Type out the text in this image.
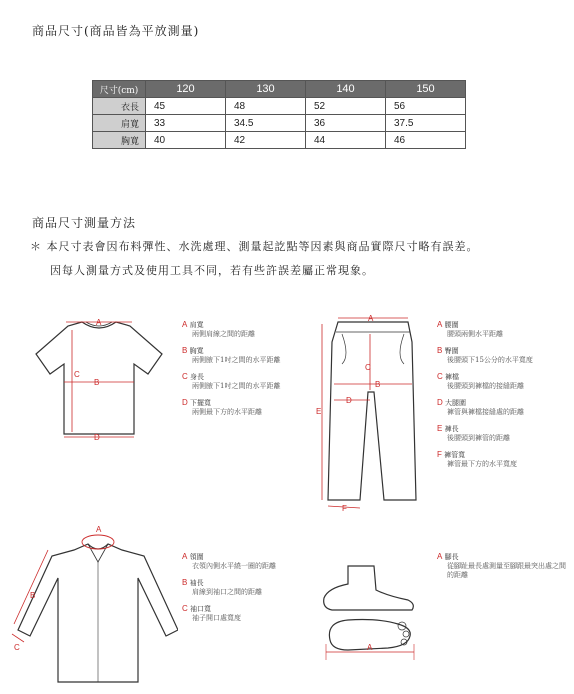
商品尺寸(商品皆為平放測量)
尺寸(cm)	120	130	140	150
衣長	45	48	52	56
肩寬	33	34.5	36	37.5
胸寬	40	42	44	46
商品尺寸測量方法
＊ 本尺寸表會因布料彈性、水洗處理、測量起訖點等因素與商品實際尺寸略有誤差。
因每人測量方式及使用工具不同，若有些許誤差屬正常現象。
A
B
C
D
A 肩寬
兩側肩線之間的距離
B 胸寬
兩側腋下1吋之間的水平距離
C 身長
兩側腋下1吋之間的水平距離
D 下擺寬
兩側最下方的水平距離
A
B
C
D
E
F
A 腰圍
腰頭兩側水平距離
B 臀圍
後腰頭下15公分的水平寬度
C 褲檔
後腰頭到褲檔的接縫距離
D 大腿圍
褲管與褲檔接縫處的距離
E 褲長
後腰頭到褲管的距離
F 褲管寬
褲管最下方的水平寬度
A
B
C
A 領圍
衣領內側水平繞一圈的距離
B 袖長
肩線到袖口之間的距離
C 袖口寬
袖子開口處寬度
A
A 腳長
從腳趾最長處測量至腳跟最突出處之間的距離
